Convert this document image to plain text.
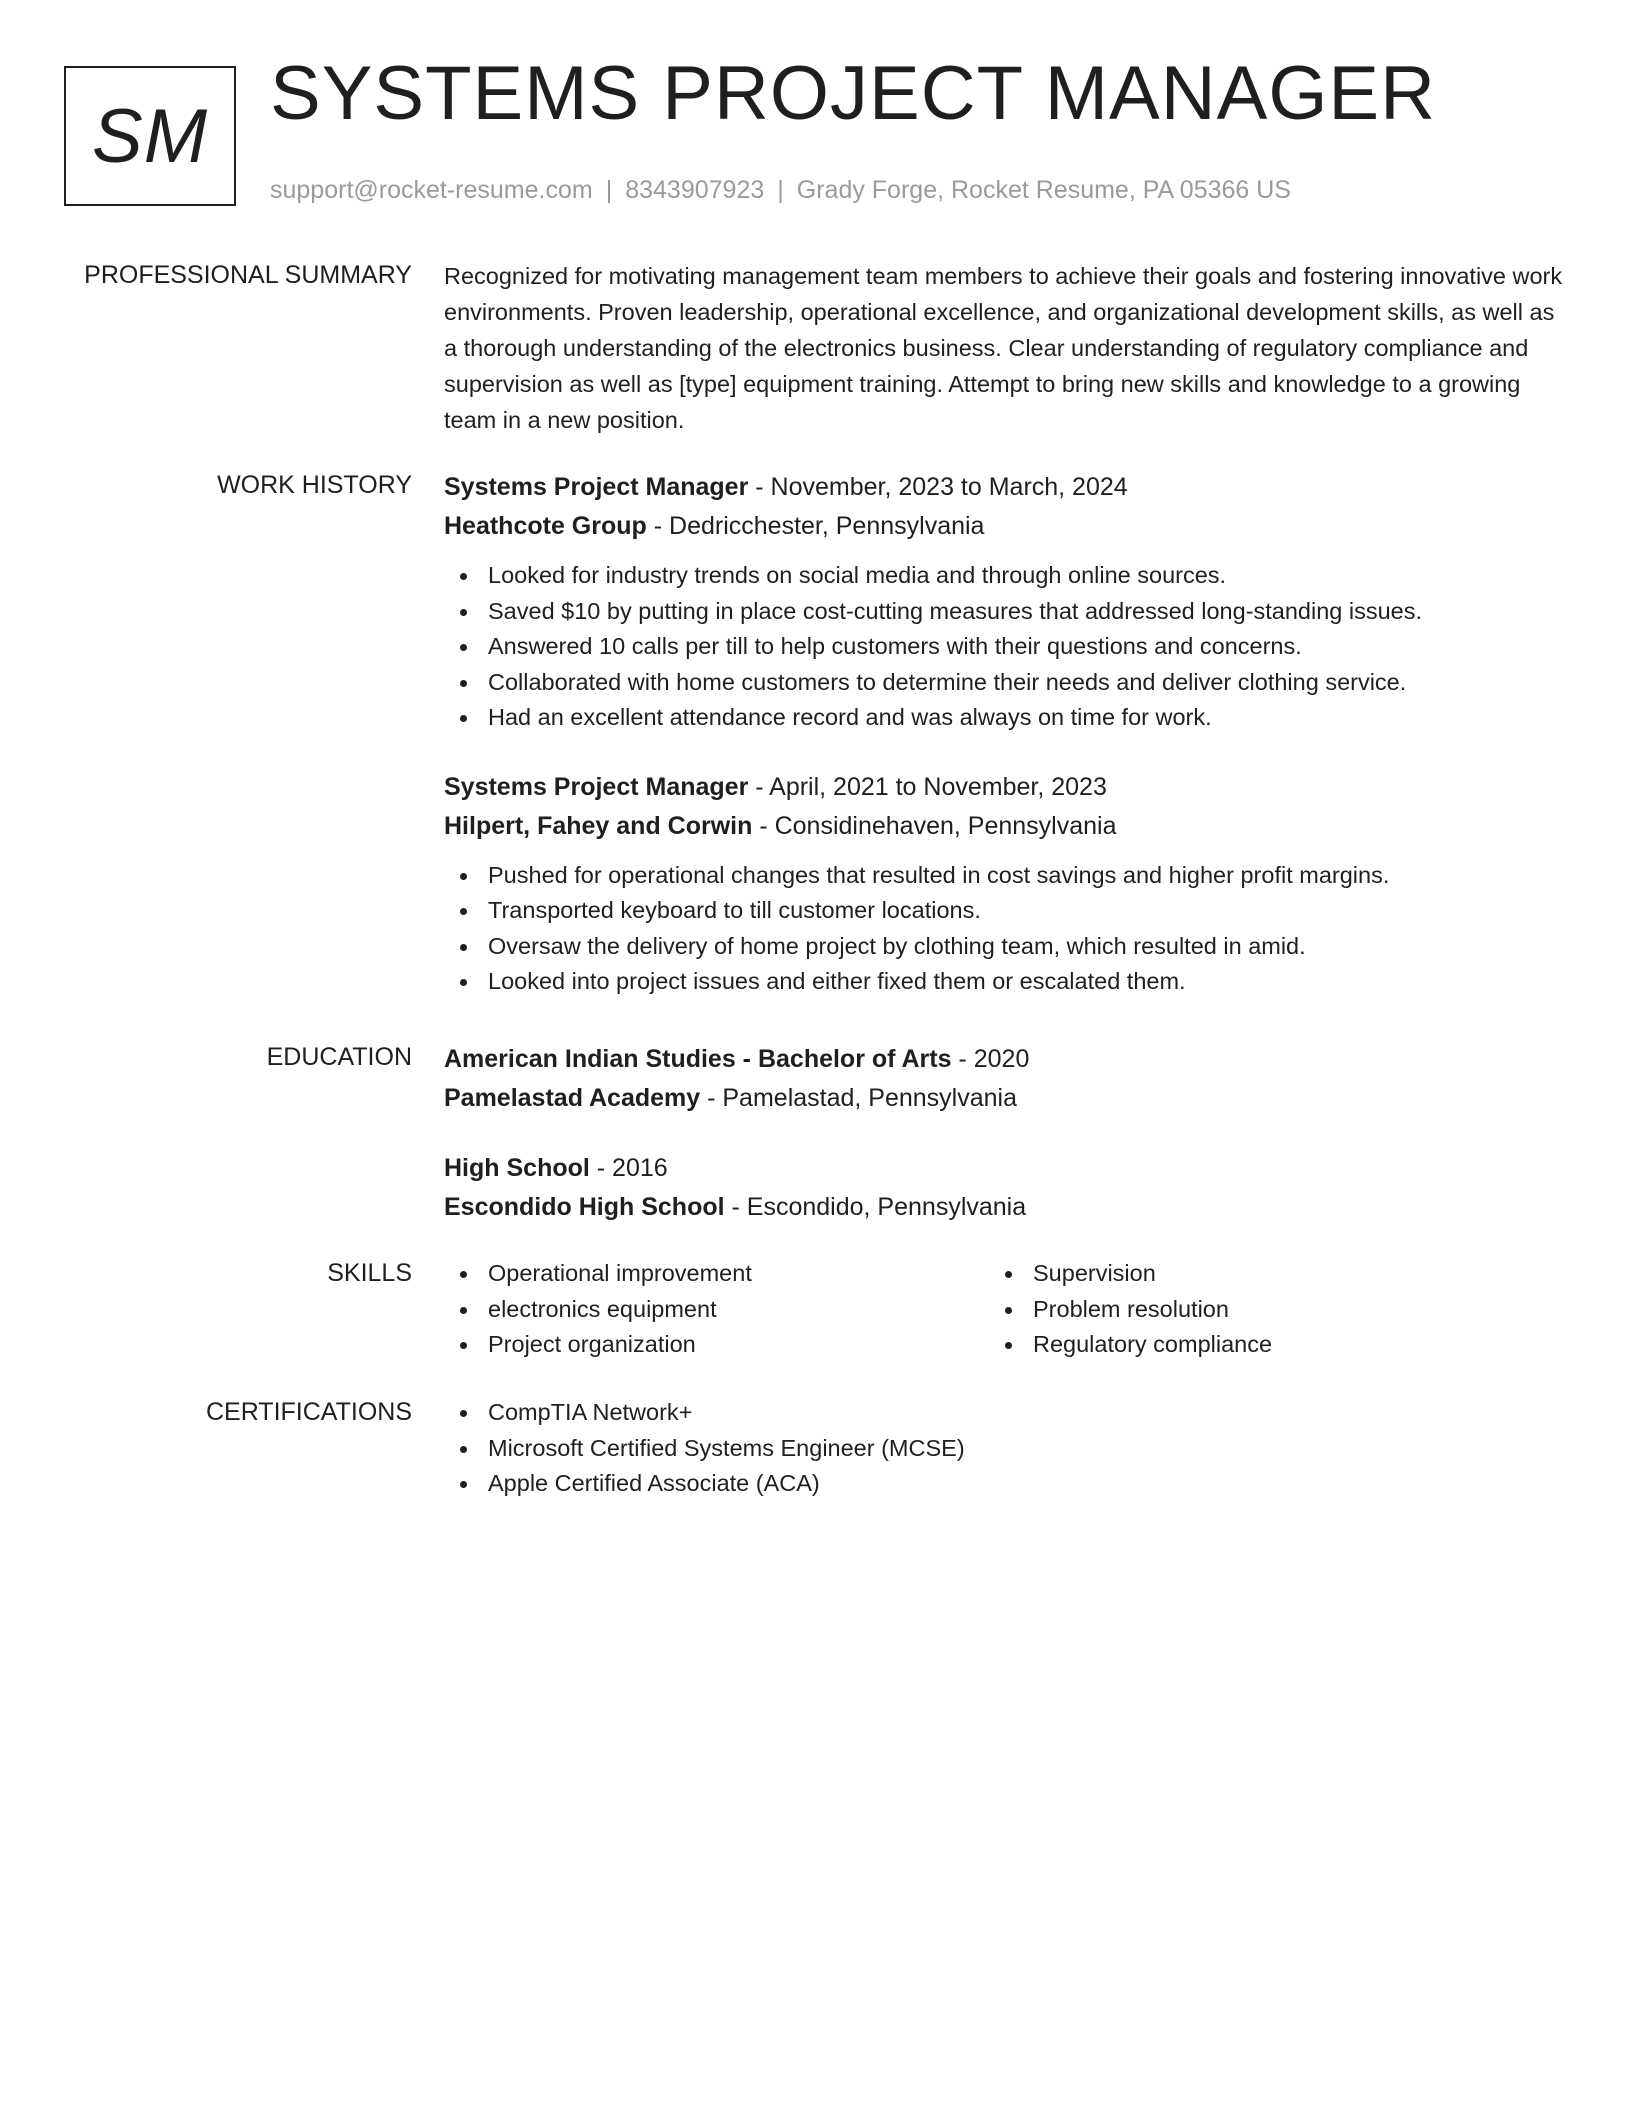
SM SYSTEMS PROJECT MANAGER
support@rocket-resume.com | 8343907923 | Grady Forge, Rocket Resume, PA 05366 US
PROFESSIONAL SUMMARY Recognized for motivating management team members to achieve their goals and fostering innovative work environments. Proven leadership, operational excellence, and organizational development skills, as well as a thorough understanding of the electronics business. Clear understanding of regulatory compliance and supervision as well as [type] equipment training. Attempt to bring new skills and knowledge to a growing team in a new position.

WORK HISTORY Systems Project Manager - November, 2023 to March, 2024
Heathcote Group - Dedricchester, Pennsylvania
Looked for industry trends on social media and through online sources.
Saved $10 by putting in place cost-cutting measures that addressed long-standing issues.
Answered 10 calls per till to help customers with their questions and concerns.
Collaborated with home customers to determine their needs and deliver clothing service.
Had an excellent attendance record and was always on time for work.
Systems Project Manager - April, 2021 to November, 2023
Hilpert, Fahey and Corwin - Considinehaven, Pennsylvania
Pushed for operational changes that resulted in cost savings and higher profit margins.
Transported keyboard to till customer locations.
Oversaw the delivery of home project by clothing team, which resulted in amid.
Looked into project issues and either fixed them or escalated them.
EDUCATION American Indian Studies - Bachelor of Arts - 2020
Pamelastad Academy - Pamelastad, Pennsylvania
High School - 2016
Escondido High School - Escondido, Pennsylvania
SKILLS	Operational improvement
electronics equipment
Project organization
Supervision
Problem resolution
Regulatory compliance
CERTIFICATIONS	CompTIA Network+
Microsoft Certified Systems Engineer (MCSE)
Apple Certified Associate (ACA)
